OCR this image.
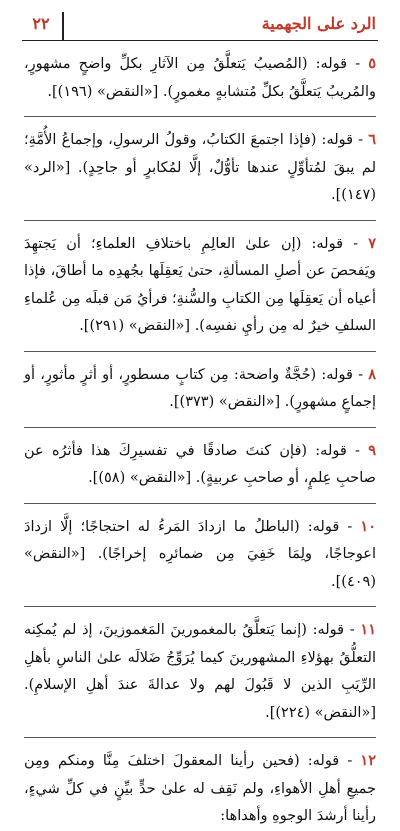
الرد على الجهمية
٢٢

٥ - قوله: (المُصيبُ يَتعلَّقُ مِن الآثارِ بكلِّ واضحٍ مشهورٍ، والمُريبُ يَتعلَّقُ بكلِّ مُتشابهٍ مغمورٍ). [«النقض» (١٩٦)].

٦ - قوله: (فإذا اجتمعَ الكتابُ، وقولُ الرسولِ، وإجماعُ الأُمَّةِ؛ لم يبقَ لمُتأوِّلٍ عندها تأوُّلٌ، إلَّا لمُكابرٍ أو جاحِدٍ). [«الرد» (١٤٧)].

٧ - قوله: (إن علىٰ العالِمِ باختلافِ العلماءِ؛ أن يَجتهِدَ ويَفحصَ عن أصلِ المسألةِ، حتىٰ يَعقِلَها بجُهدِه ما أطاقَ، فإذا أعياه أن يَعقِلَها مِن الكتابِ والسُّنةِ؛ فرأيُ مَن قبلَه مِن عُلماءِ السلفِ خيرٌ له مِن رأيِ نفسِه). [«النقض» (٢٩١)].

٨ - قوله: (حُجَّةٌ واضحة: مِن كتابٍ مسطورٍ، أو أثرٍ مأثورٍ، أو إجماعٍ مشهورٍ). [«النقض» (٣٧٣)].

٩ - قوله: (فإن كنتَ صادقًا في تفسيرِكَ هذا فأثرُه عن صاحبِ عِلمٍ، أو صاحبِ عربيةٍ). [«النقض» (٥٨)].

١٠ - قوله: (الباطلُ ما ازدادَ المَرءُ له احتجاجًا؛ إلَّا ازدادَ اعوجاجًا، ولِمَا خَفِيَ مِن ضمائرِه إخراجًا). [«النقض» (٤٠٩)].

١١ - قوله: (إنما يَتعلَّقُ بالمغمورينَ المَغموزينَ، إذ لم يُمكِنه التعلُّقُ بهؤلاءِ المشهورينَ كيما يُرَوِّجُ ضَلالَه علىٰ الناسِ بأهلِ الرِّيَبِ الذين لا قَبُولَ لهم ولا عدالةَ عندَ أهلِ الإسلامِ). [«النقض» (٢٢٤)].

١٢ - قوله: (فحين رأينا المعقولَ اختلفَ مِنَّا ومنكم ومِن جميعِ أهلِ الأهواءِ، ولم نَقِف له علىٰ حدٍّ بيِّنٍ في كلِّ شيءٍ، رأينا أرشدَ الوجوهِ وأهداها:
